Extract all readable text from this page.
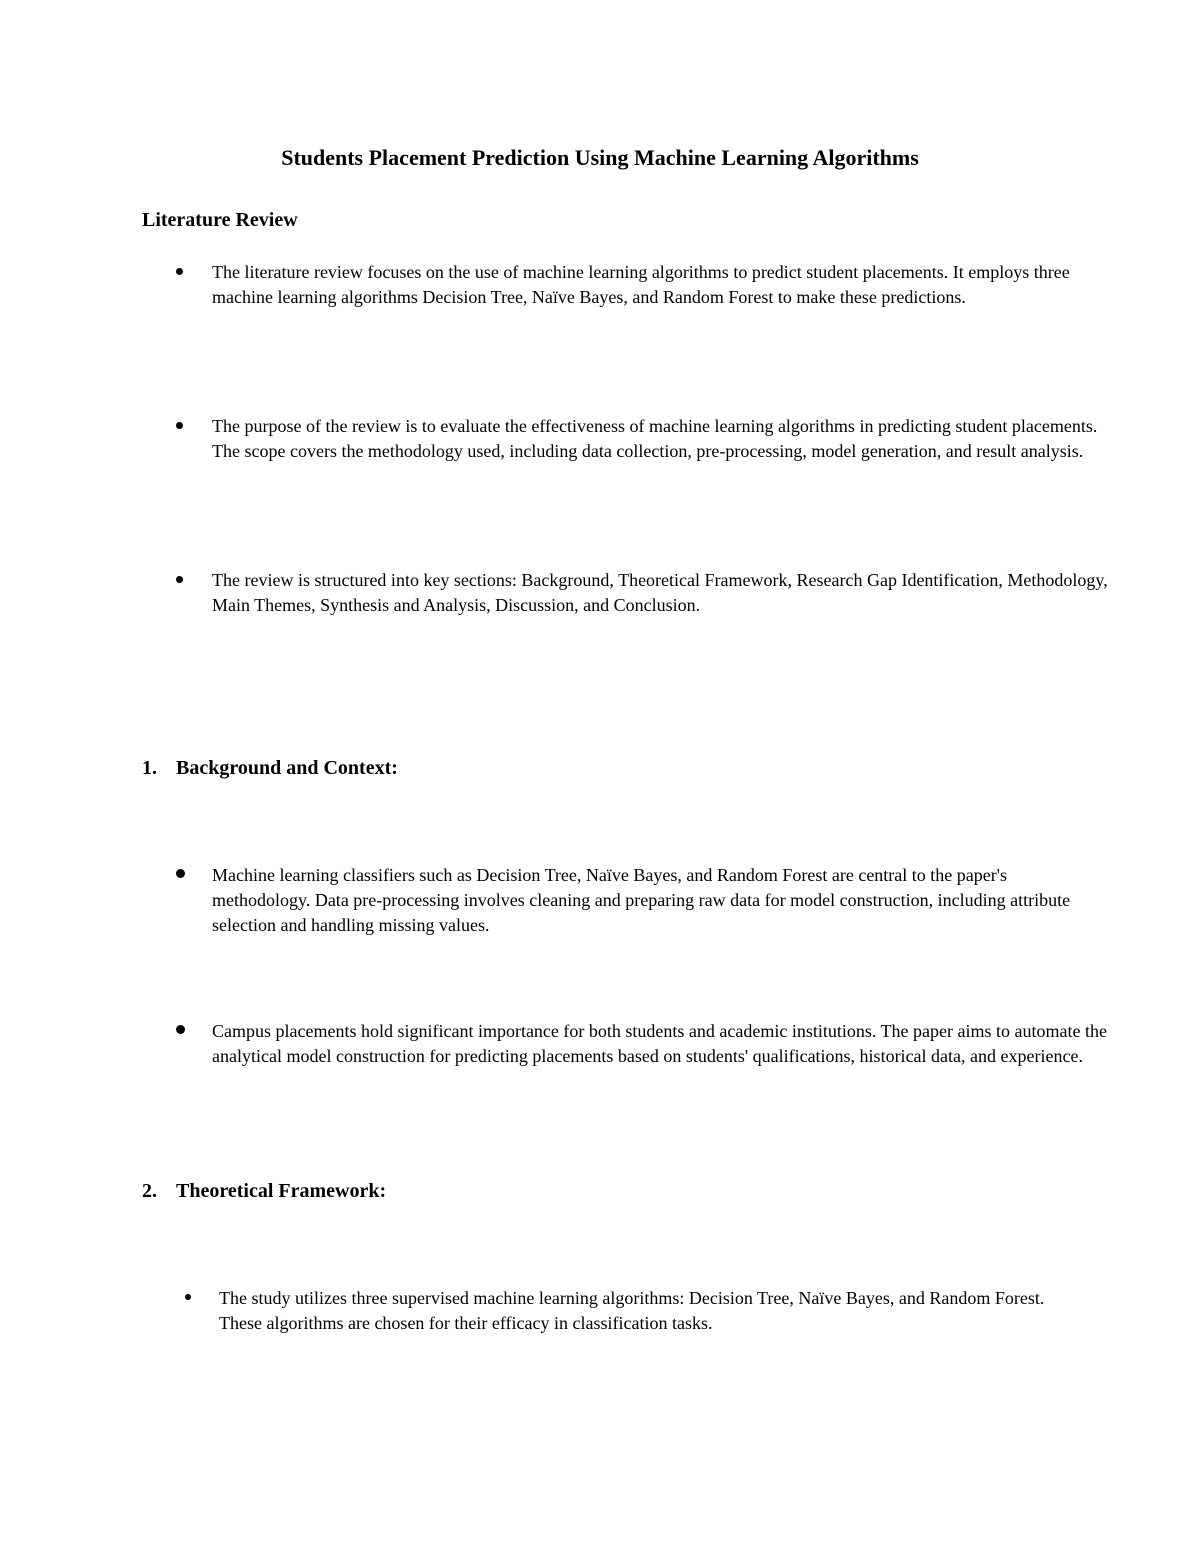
Students Placement Prediction Using Machine Learning Algorithms
Literature Review
The literature review focuses on the use of machine learning algorithms to predict student placements. It employs three machine learning algorithms Decision Tree, Naïve Bayes, and Random Forest to make these predictions.
The purpose of the review is to evaluate the effectiveness of machine learning algorithms in predicting student placements. The scope covers the methodology used, including data collection, pre-processing, model generation, and result analysis.
The review is structured into key sections: Background, Theoretical Framework, Research Gap Identification, Methodology, Main Themes, Synthesis and Analysis, Discussion, and Conclusion.
1. Background and Context:
Machine learning classifiers such as Decision Tree, Naïve Bayes, and Random Forest are central to the paper's methodology. Data pre-processing involves cleaning and preparing raw data for model construction, including attribute selection and handling missing values.
Campus placements hold significant importance for both students and academic institutions. The paper aims to automate the analytical model construction for predicting placements based on students' qualifications, historical data, and experience.
2. Theoretical Framework:
The study utilizes three supervised machine learning algorithms: Decision Tree, Naïve Bayes, and Random Forest. These algorithms are chosen for their efficacy in classification tasks.
